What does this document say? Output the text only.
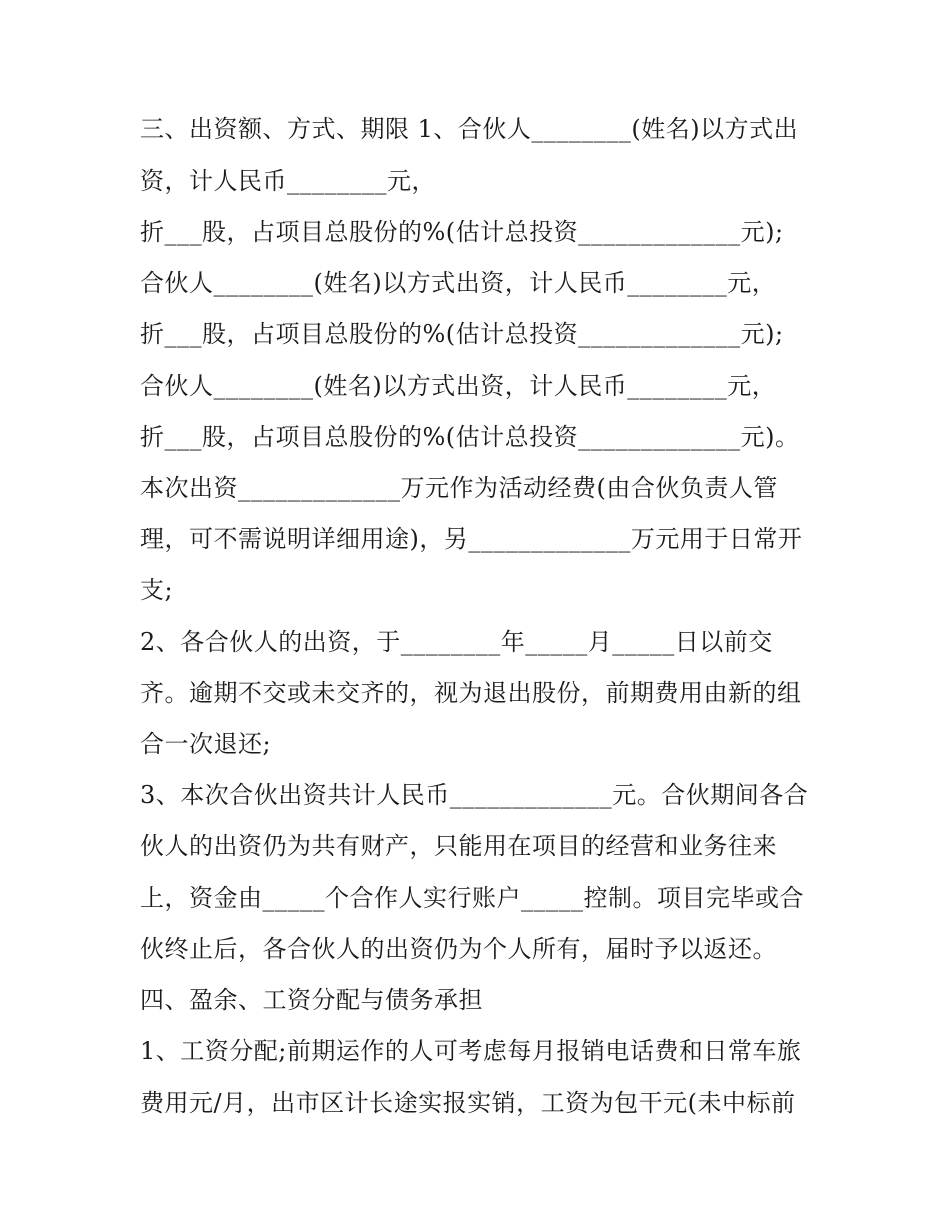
三、出资额、方式、期限 1、合伙人________(姓名)以方式出
资，计人民币________元，
折___股，占项目总股份的%(估计总投资_____________元);
合伙人________(姓名)以方式出资，计人民币________元，
折___股，占项目总股份的%(估计总投资_____________元);
合伙人________(姓名)以方式出资，计人民币________元，
折___股，占项目总股份的%(估计总投资_____________元)。
本次出资_____________万元作为活动经费(由合伙负责人管
理，可不需说明详细用途)，另_____________万元用于日常开
支;
2、各合伙人的出资，于________年_____月_____日以前交
齐。逾期不交或未交齐的，视为退出股份，前期费用由新的组
合一次退还;
3、本次合伙出资共计人民币_____________元。合伙期间各合
伙人的出资仍为共有财产，只能用在项目的经营和业务往来
上，资金由_____个合作人实行账户_____控制。项目完毕或合
伙终止后，各合伙人的出资仍为个人所有，届时予以返还。
四、盈余、工资分配与债务承担
1、工资分配;前期运作的人可考虑每月报销电话费和日常车旅
费用元/月，出市区计长途实报实销，工资为包干元(未中标前
